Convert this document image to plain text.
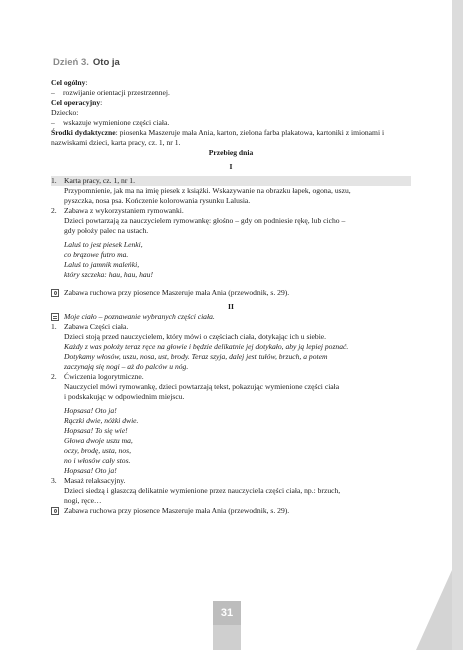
Dzień 3. Oto ja

Cel ogólny:

– rozwijanie orientacji przestrzennej.

Cel operacyjny:

Dziecko:

– wskazuje wymienione części ciała.

Środki dydaktyczne: piosenka Maszeruje mała Ania, karton, zielona farba plakatowa, kartoniki z imionami i nazwiskami dzieci, karta pracy, cz. 1, nr 1.

Przebieg dnia

I

1. Karta pracy, cz. 1, nr 1.

Przypomnienie, jak ma na imię piesek z książki. Wskazywanie na obrazku łapek, ogona, uszu,

pyszczka, nosa psa. Kończenie kolorowania rysunku Lalusia.

2. Zabawa z wykorzystaniem rymowanki.

Dzieci powtarzają za nauczycielem rymowankę: głośno – gdy on podniesie rękę, lub cicho –

gdy położy palec na ustach.

Laluś to jest piesek Lenki,

co brązowe futro ma.

Laluś to jamnik maleńki,

który szczeka: hau, hau, hau!

Zabawa ruchowa przy piosence Maszeruje mała Ania (przewodnik, s. 29).

II

Moje ciało – poznawanie wybranych części ciała.

1. Zabawa Części ciała.

Dzieci stoją przed nauczycielem, który mówi o częściach ciała, dotykając ich u siebie.

Każdy z was położy teraz ręce na głowie i będzie delikatnie jej dotykało, aby ją lepiej poznać.

Dotykamy włosów, uszu, nosa, ust, brody. Teraz szyja, dalej jest tułów, brzuch, a potem

zaczynają się nogi – aż do palców u nóg.

2. Ćwiczenia logorytmiczne.

Nauczyciel mówi rymowankę, dzieci powtarzają tekst, pokazując wymienione części ciała

i podskakując w odpowiednim miejscu.

Hopsasa! Oto ja!

Rączki dwie, nóżki dwie.

Hopsasa! To się wie!

Głowa dwoje uszu ma,

oczy, brodę, usta, nos,

no i włosów cały stos.

Hopsasa! Oto ja!

3. Masaż relaksacyjny.

Dzieci siedzą i głaszczą delikatnie wymienione przez nauczyciela części ciała, np.: brzuch,

nogi, ręce…

Zabawa ruchowa przy piosence Maszeruje mała Ania (przewodnik, s. 29).

31
